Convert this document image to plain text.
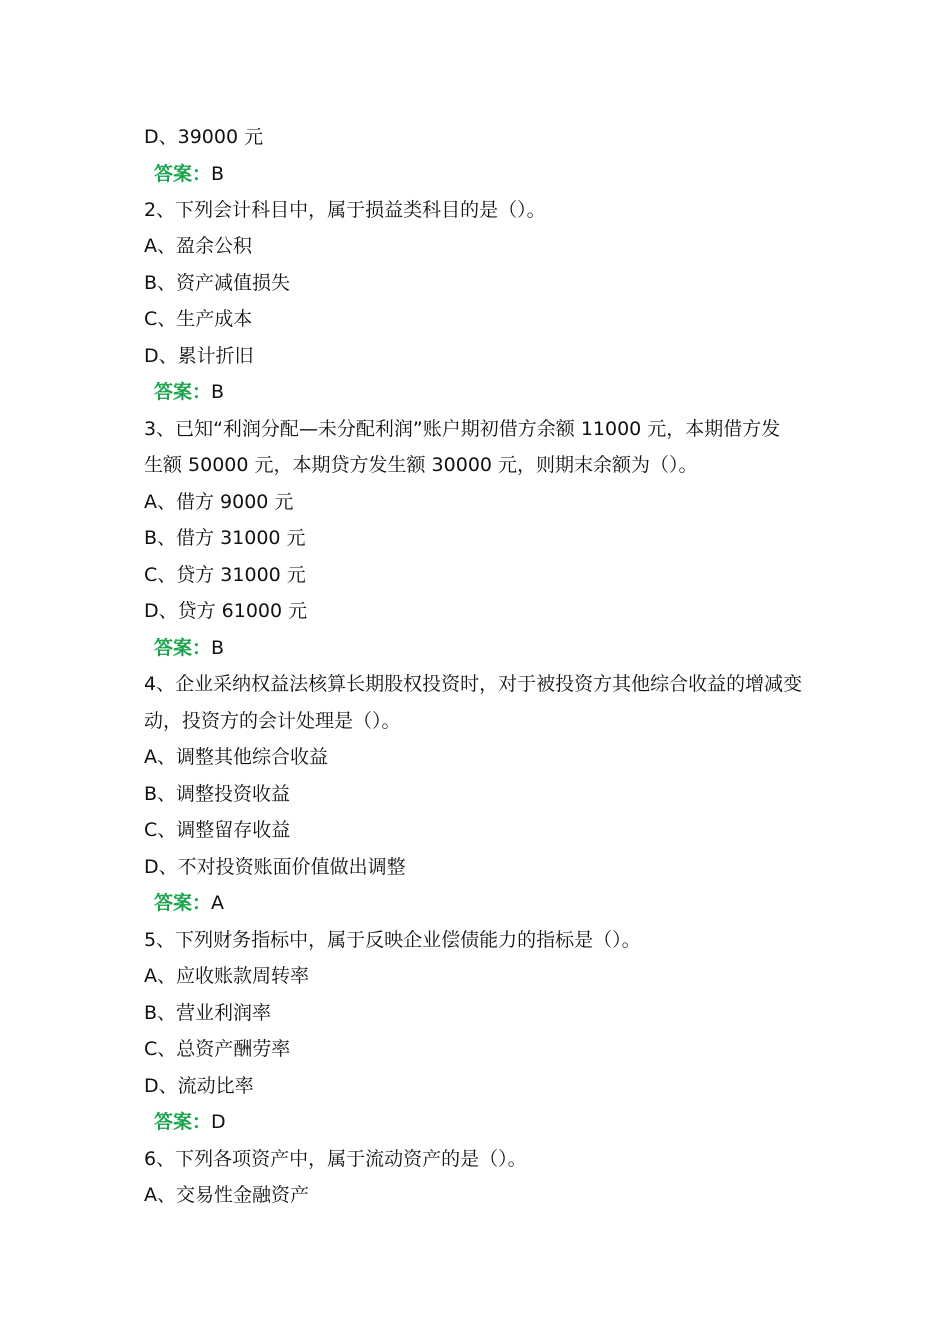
D、39000 元
答案：B
2、下列会计科目中，属于损益类科目的是（）。
A、盈余公积
B、资产减值损失
C、生产成本
D、累计折旧
答案：B
3、已知“利润分配—未分配利润”账户期初借方余额 11000 元，本期借方发
生额 50000 元，本期贷方发生额 30000 元，则期末余额为（）。
A、借方 9000 元
B、借方 31000 元
C、贷方 31000 元
D、贷方 61000 元
答案：B
4、企业采纳权益法核算长期股权投资时，对于被投资方其他综合收益的增减变
动，投资方的会计处理是（）。
A、调整其他综合收益
B、调整投资收益
C、调整留存收益
D、不对投资账面价值做出调整
答案：A
5、下列财务指标中，属于反映企业偿债能力的指标是（）。
A、应收账款周转率
B、营业利润率
C、总资产酬劳率
D、流动比率
答案：D
6、下列各项资产中，属于流动资产的是（）。
A、交易性金融资产
